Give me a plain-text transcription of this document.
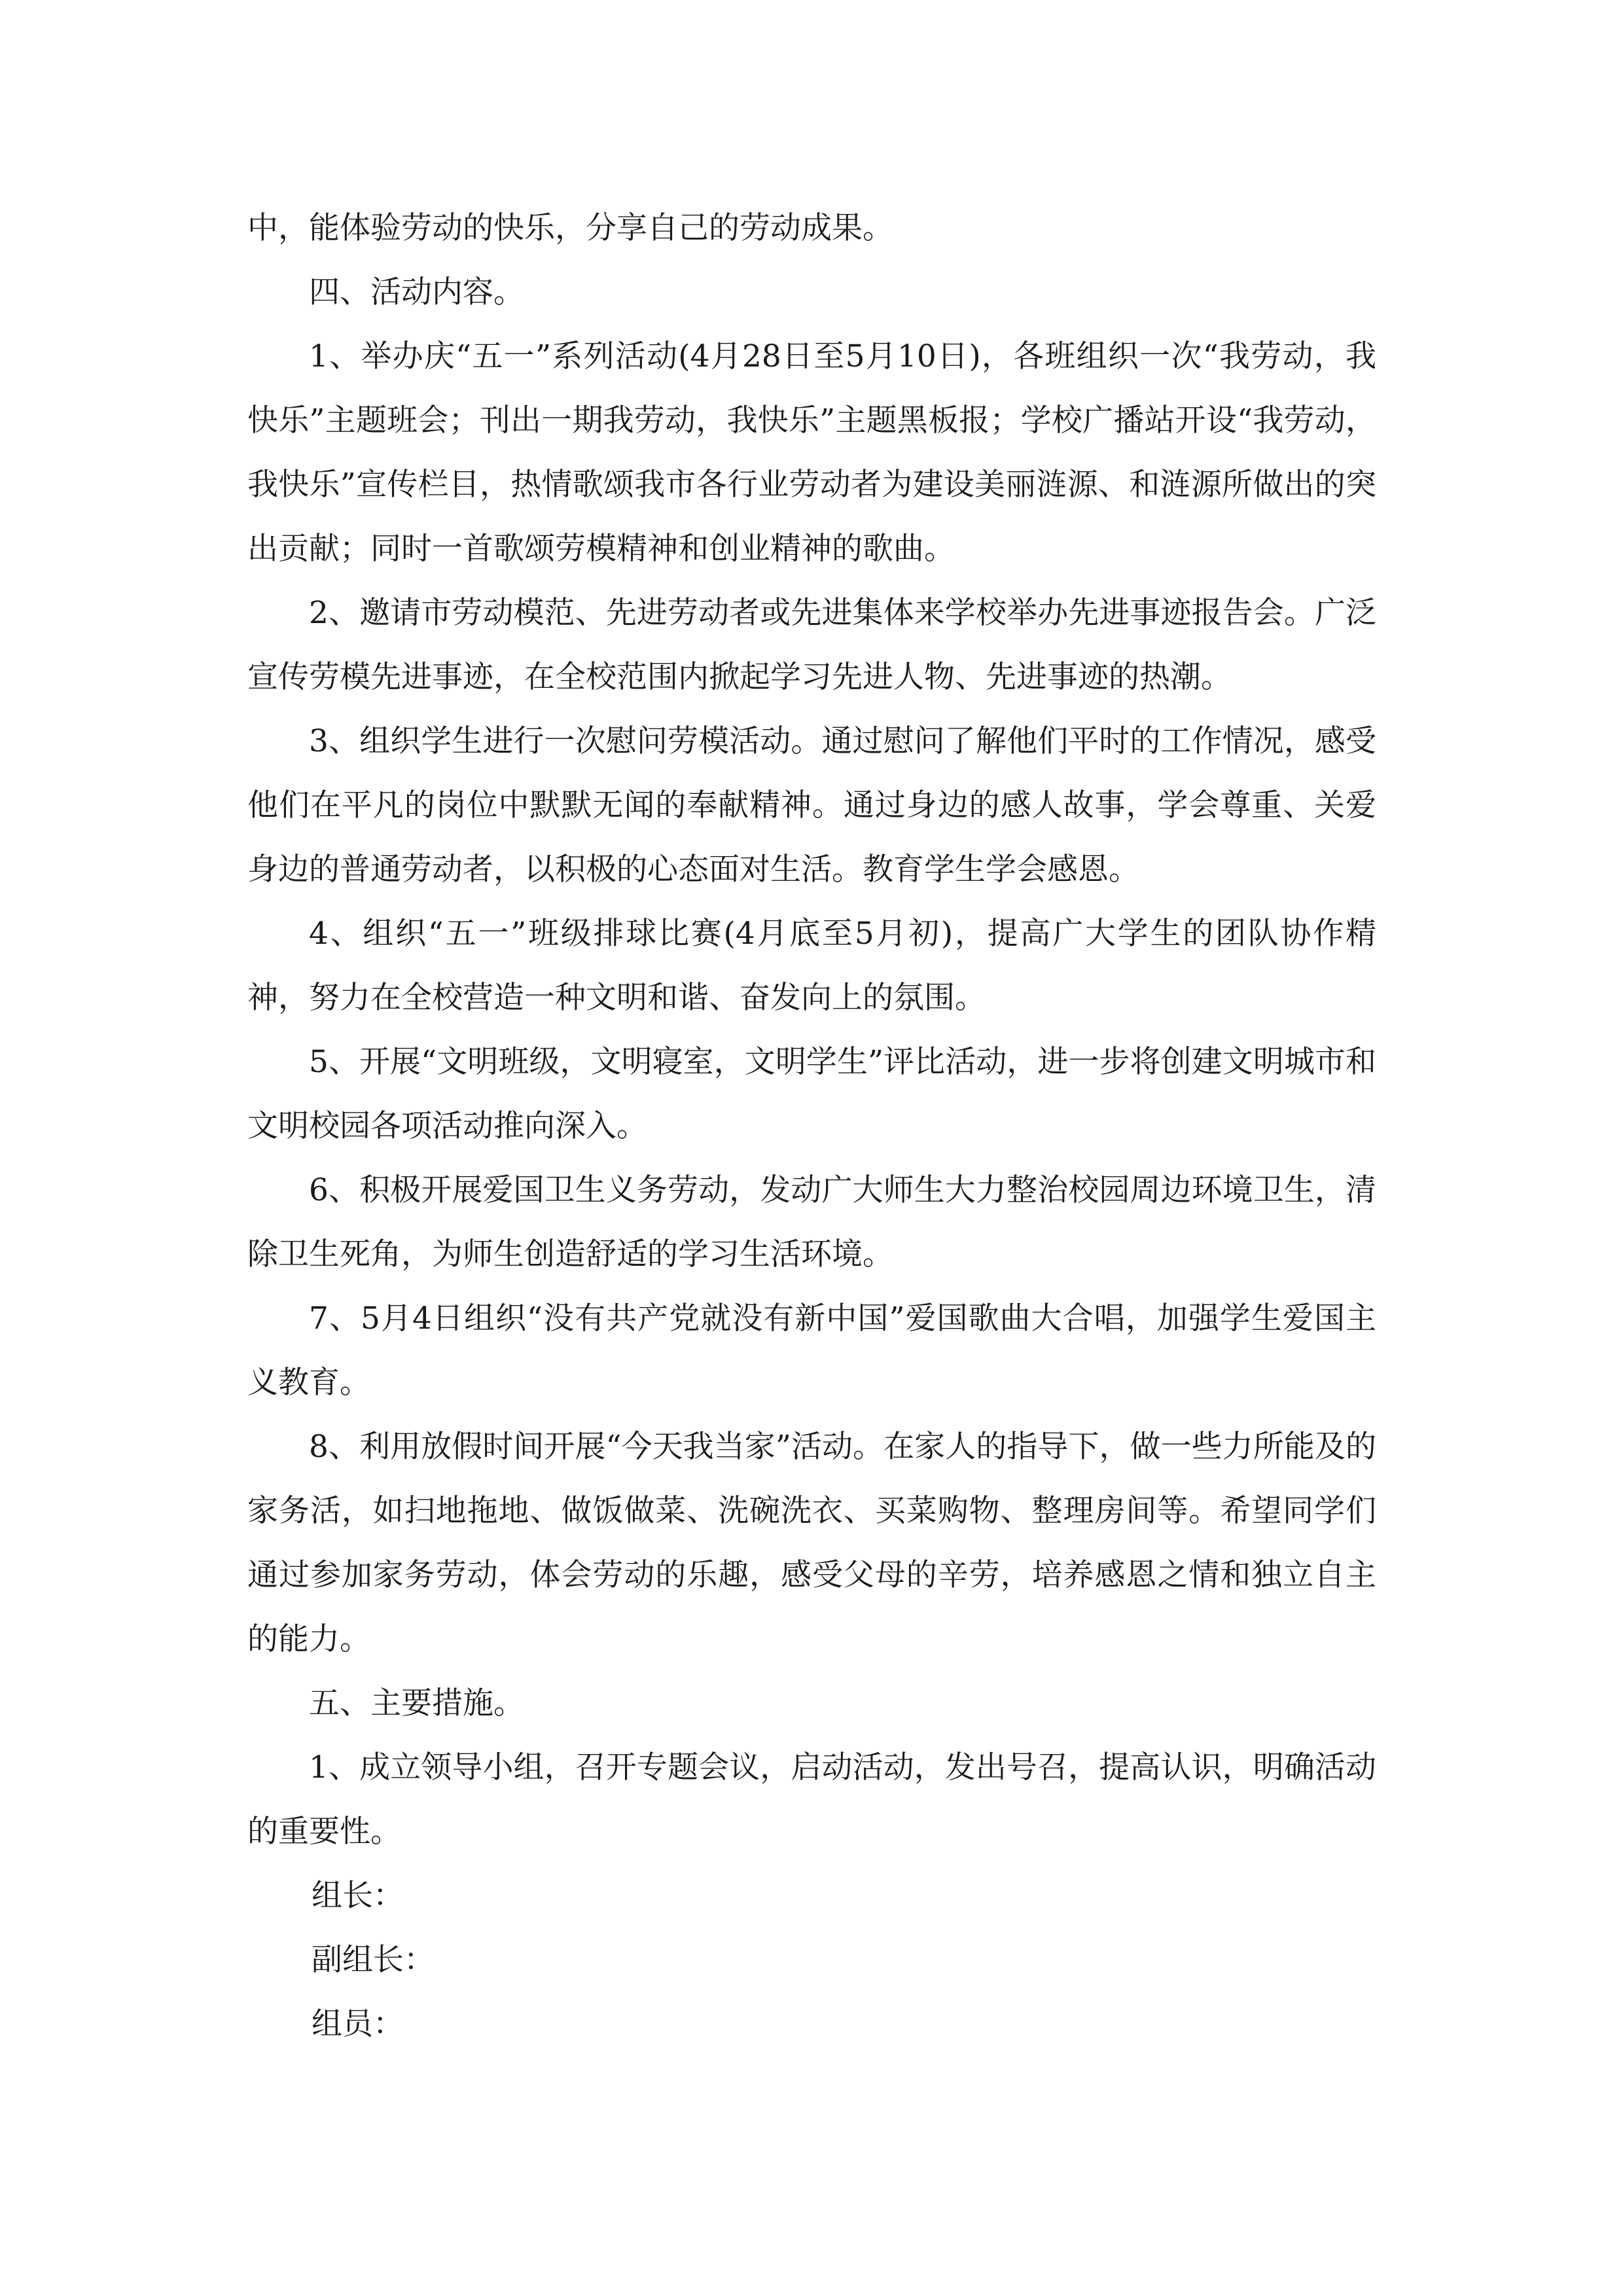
中，能体验劳动的快乐，分享自己的劳动成果。

四、活动内容。

1、举办庆“五一”系列活动(4月28日至5月10日)，各班组织一次“我劳动，我快乐”主题班会；刊出一期我劳动，我快乐”主题黑板报；学校广播站开设“我劳动，我快乐”宣传栏目，热情歌颂我市各行业劳动者为建设美丽涟源、和涟源所做出的突出贡献；同时一首歌颂劳模精神和创业精神的歌曲。

2、邀请市劳动模范、先进劳动者或先进集体来学校举办先进事迹报告会。广泛宣传劳模先进事迹，在全校范围内掀起学习先进人物、先进事迹的热潮。

3、组织学生进行一次慰问劳模活动。通过慰问了解他们平时的工作情况，感受他们在平凡的岗位中默默无闻的奉献精神。通过身边的感人故事，学会尊重、关爱身边的普通劳动者，以积极的心态面对生活。教育学生学会感恩。

4、组织“五一”班级排球比赛(4月底至5月初)，提高广大学生的团队协作精神，努力在全校营造一种文明和谐、奋发向上的氛围。

5、开展“文明班级，文明寝室，文明学生”评比活动，进一步将创建文明城市和文明校园各项活动推向深入。

6、积极开展爱国卫生义务劳动，发动广大师生大力整治校园周边环境卫生，清除卫生死角，为师生创造舒适的学习生活环境。

7、5月4日组织“没有共产党就没有新中国”爱国歌曲大合唱，加强学生爱国主义教育。

8、利用放假时间开展“今天我当家”活动。在家人的指导下，做一些力所能及的家务活，如扫地拖地、做饭做菜、洗碗洗衣、买菜购物、整理房间等。希望同学们通过参加家务劳动，体会劳动的乐趣，感受父母的辛劳，培养感恩之情和独立自主的能力。

五、主要措施。

1、成立领导小组，召开专题会议，启动活动，发出号召，提高认识，明确活动的重要性。

组长：

副组长：

组员：
